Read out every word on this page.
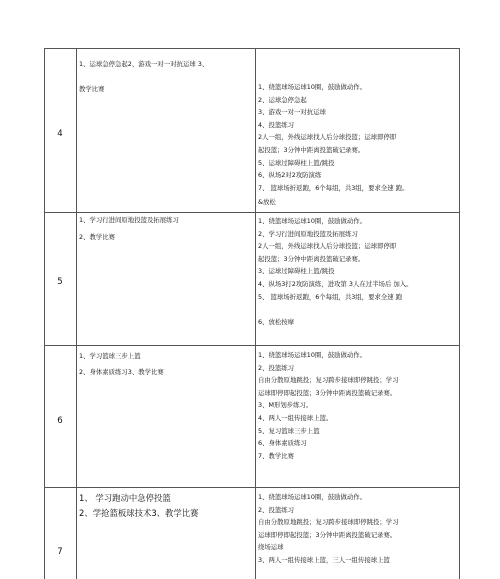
4
1、运球急停急起2、游戏一对一对抗运球 3、

教学比赛	1、绕篮球场运球10圈，鼓励做动作。
2、运球急停急起
3、游戏一对一对抗运球
4、投篮练习
2人一组，外线运球找人后分球投篮；运球即停即
起投篮；3分钟中距离投篮破记录赛。
5、运球过障碍柱上篮/跳投
6、纵场2对2攻防演练
7、 篮球场折返跑，6个每组，共3组，要求全速 跑。
&放松
5
1、学习行进间原地投篮及拓展练习
2、教学比赛
1、绕篮球场运球10圈，鼓励做动作。
2、学习行进间原地投篮及拓展练习
2人一组，外线运球找人后分球投篮；运球即停即
起投篮；3分钟中距离投篮破记录赛。
3、运球过障碍柱上篮/跳投
4、纵场3打2攻防演练，进攻第 3人在过半场后 加入。
5、 篮球场折返跑，6个每组，共3组，要求全速 跑

6、放松按摩
6
1、学习篮球三步上篮
2、身体素质练习3、教学比赛
1、绕篮球场运球10圈，鼓励做动作。
2、投篮练习
自由分散原地跳投；复习跨步接球即停跳投；学习
运球即停即起投篮；3分钟中距离投篮破记录赛。
3、M形划步练习。
4、两人一组传接球上篮。
5、复习篮球三步上篮
6、身体素质练习
7、教学比赛
7
1、 学习跑动中急停投篮
2、学抢篮板球技术3、教学比赛
1、绕篮球场运球10圈，鼓励做动作。
2、投篮练习
自由分散原地跳投；复习跨步接球即停跳投；学习
运球即停即起投篮；3分钟中距离投篮破记录赛。
绕场运球
3、两人一组传接球上篮，三人一组传接球上篮
